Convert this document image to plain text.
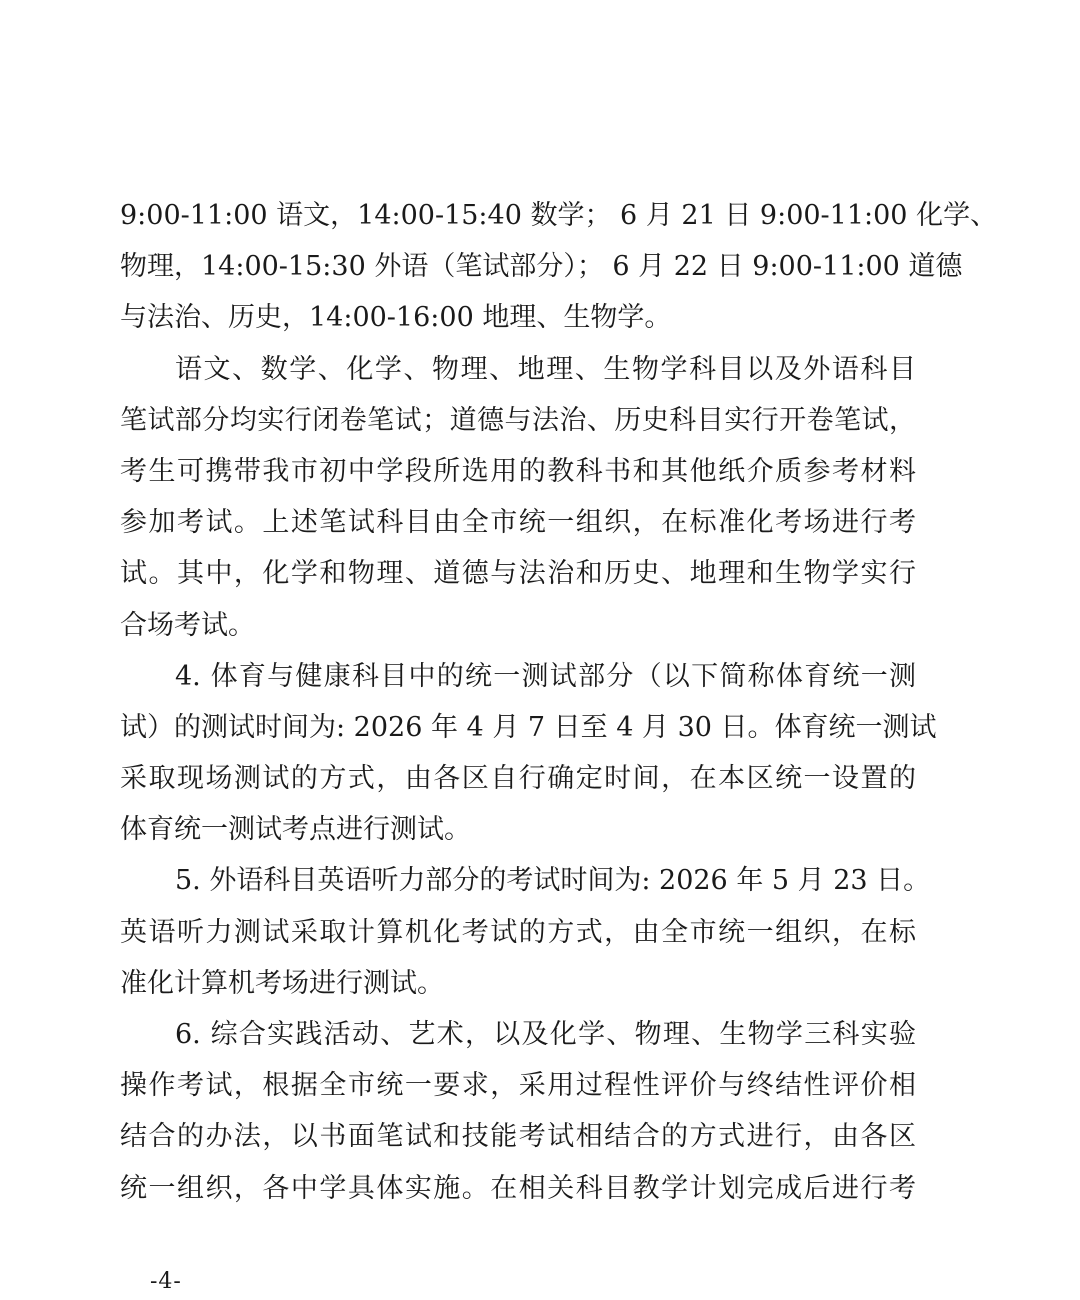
9:00-11:00 语文，14:00-15:40 数学； 6 月 21 日 9:00-11:00 化学、
物理，14:00-15:30 外语（笔试部分）； 6 月 22 日 9:00-11:00 道德
与法治、历史，14:00-16:00 地理、生物学。
语文、数学、化学、物理、地理、生物学科目以及外语科目
笔试部分均实行闭卷笔试；道德与法治、历史科目实行开卷笔试，
考生可携带我市初中学段所选用的教科书和其他纸介质参考材料
参加考试。上述笔试科目由全市统一组织，在标准化考场进行考
试。其中，化学和物理、道德与法治和历史、地理和生物学实行
合场考试。
4. 体育与健康科目中的统一测试部分（以下简称体育统一测
试）的测试时间为: 2026 年 4 月 7 日至 4 月 30 日。体育统一测试
采取现场测试的方式，由各区自行确定时间，在本区统一设置的
体育统一测试考点进行测试。
5. 外语科目英语听力部分的考试时间为: 2026 年 5 月 23 日。
英语听力测试采取计算机化考试的方式，由全市统一组织，在标
准化计算机考场进行测试。
6. 综合实践活动、艺术，以及化学、物理、生物学三科实验
操作考试，根据全市统一要求，采用过程性评价与终结性评价相
结合的办法，以书面笔试和技能考试相结合的方式进行，由各区
统一组织，各中学具体实施。在相关科目教学计划完成后进行考
-4-
